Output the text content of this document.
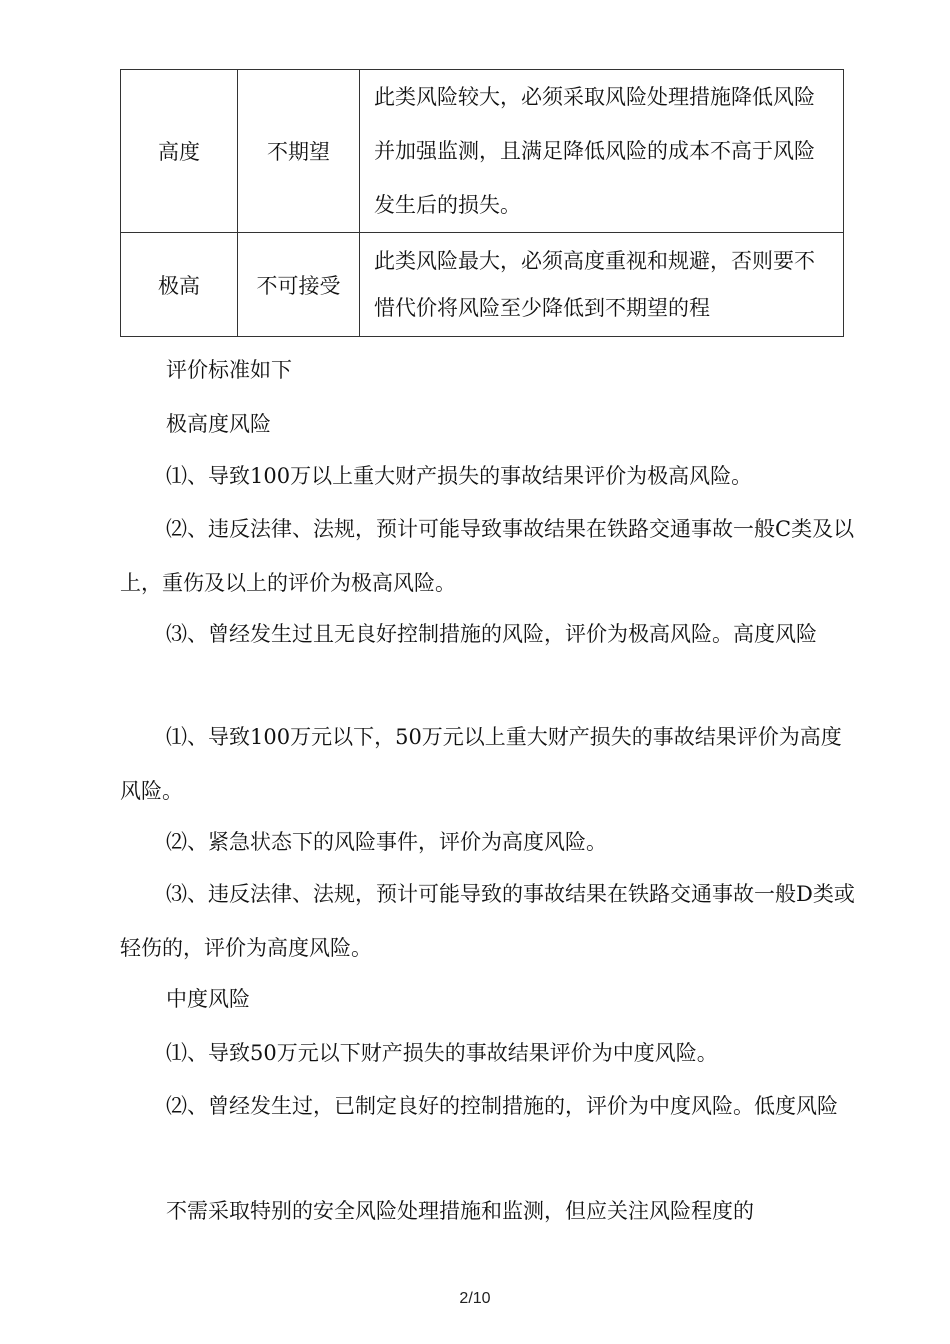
高度	不期望	此类风险较大，必须采取风险处理措施降低风险并加强监测，且满足降低风险的成本不高于风险发生后的损失。
极高	不可接受	此类风险最大，必须高度重视和规避，否则要不惜代价将风险至少降低到不期望的程

评价标准如下

极高度风险

⑴、导致100万以上重大财产损失的事故结果评价为极高风险。

⑵、违反法律、法规，预计可能导致事故结果在铁路交通事故一般C类及以上，重伤及以上的评价为极高风险。

⑶、曾经发生过且无良好控制措施的风险，评价为极高风险。高度风险

⑴、导致100万元以下，50万元以上重大财产损失的事故结果评价为高度风险。

⑵、紧急状态下的风险事件，评价为高度风险。

⑶、违反法律、法规，预计可能导致的事故结果在铁路交通事故一般D类或轻伤的，评价为高度风险。

中度风险

⑴、导致50万元以下财产损失的事故结果评价为中度风险。

⑵、曾经发生过，已制定良好的控制措施的，评价为中度风险。低度风险

不需采取特别的安全风险处理措施和监测，但应关注风险程度的

2/10
